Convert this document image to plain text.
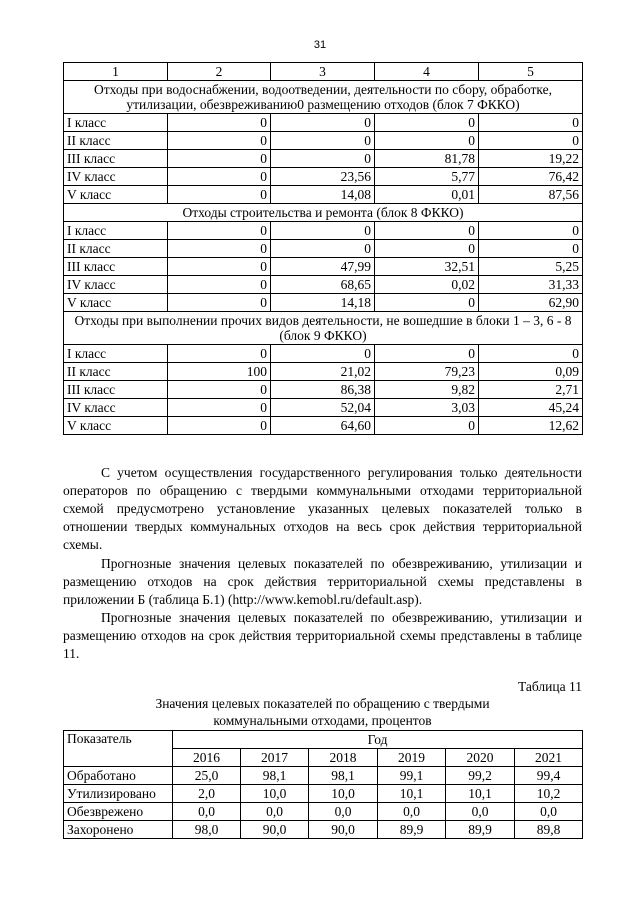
31
1	2	3	4	5
Отходы при водоснабжении, водоотведении, деятельности по сбору, обработке, утилизации, обезвреживанию0 размещению отходов (блок 7 ФККО)				
I класс	0	0	0	0
II класс	0	0	0	0
III класс	0	0	81,78	19,22
IV класс	0	23,56	5,77	76,42
V класс	0	14,08	0,01	87,56
Отходы строительства и ремонта (блок 8 ФККО)				
I класс	0	0	0	0
II класс	0	0	0	0
III класс	0	47,99	32,51	5,25
IV класс	0	68,65	0,02	31,33
V класс	0	14,18	0	62,90
Отходы при выполнении прочих видов деятельности, не вошедшие в блоки 1 – 3, 6 - 8 (блок 9 ФККО)				
I класс	0	0	0	0
II класс	100	21,02	79,23	0,09
III класс	0	86,38	9,82	2,71
IV класс	0	52,04	3,03	45,24
V класс	0	64,60	0	12,62

С учетом осуществления государственного регулирования только деятельности операторов по обращению с твердыми коммунальными отходами территориальной схемой предусмотрено установление указанных целевых показателей только в отношении твердых коммунальных отходов на весь срок действия территориальной схемы.

Прогнозные значения целевых показателей по обезвреживанию, утилизации и размещению отходов на срок действия территориальной схемы представлены в приложении Б (таблица Б.1) (http://www.kemobl.ru/default.asp).

Прогнозные значения целевых показателей по обезвреживанию, утилизации и размещению отходов на срок действия территориальной схемы представлены в таблице 11.

Таблица 11
Значения целевых показателей по обращению с твердыми
коммунальными отходами, процентов
Показатель	Год					
	2016	2017	2018	2019	2020	2021
Обработано	25,0	98,1	98,1	99,1	99,2	99,4
Утилизировано	2,0	10,0	10,0	10,1	10,1	10,2
Обезврежено	0,0	0,0	0,0	0,0	0,0	0,0
Захоронено	98,0	90,0	90,0	89,9	89,9	89,8
